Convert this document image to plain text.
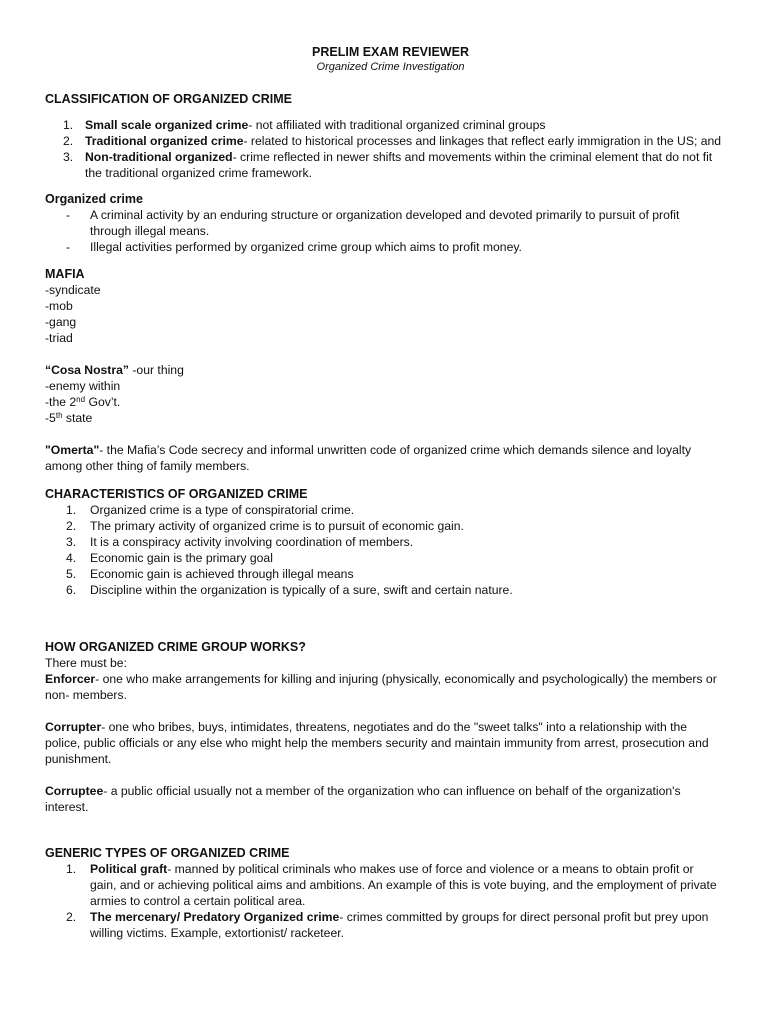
PRELIM EXAM REVIEWER
Organized Crime Investigation
CLASSIFICATION OF ORGANIZED CRIME
1. Small scale organized crime- not affiliated with traditional organized criminal groups
2. Traditional organized crime- related to historical processes and linkages that reflect early immigration in the US; and
3. Non-traditional organized- crime reflected in newer shifts and movements within the criminal element that do not fit the traditional organized crime framework.
Organized crime
- A criminal activity by an enduring structure or organization developed and devoted primarily to pursuit of profit through illegal means.
- Illegal activities performed by organized crime group which aims to profit money.
MAFIA
-syndicate
-mob
-gang
-triad
“Cosa Nostra” -our thing
-enemy within
-the 2nd Gov’t.
-5th state
"Omerta"- the Mafia’s Code secrecy and informal unwritten code of organized crime which demands silence and loyalty among other thing of family members.
CHARACTERISTICS OF ORGANIZED CRIME
1. Organized crime is a type of conspiratorial crime.
2. The primary activity of organized crime is to pursuit of economic gain.
3. It is a conspiracy activity involving coordination of members.
4. Economic gain is the primary goal
5. Economic gain is achieved through illegal means
6. Discipline within the organization is typically of a sure, swift and certain nature.
HOW ORGANIZED CRIME GROUP WORKS?
There must be:
Enforcer- one who make arrangements for killing and injuring (physically, economically and psychologically) the members or non- members.
Corrupter- one who bribes, buys, intimidates, threatens, negotiates and do the "sweet talks" into a relationship with the police, public officials or any else who might help the members security and maintain immunity from arrest, prosecution and punishment.
Corruptee- a public official usually not a member of the organization who can influence on behalf of the organization's interest.
GENERIC TYPES OF ORGANIZED CRIME
1. Political graft- manned by political criminals who makes use of force and violence or a means to obtain profit or gain, and or achieving political aims and ambitions. An example of this is vote buying, and the employment of private armies to control a certain political area.
2. The mercenary/ Predatory Organized crime- crimes committed by groups for direct personal profit but prey upon willing victims. Example, extortionist/ racketeer.
